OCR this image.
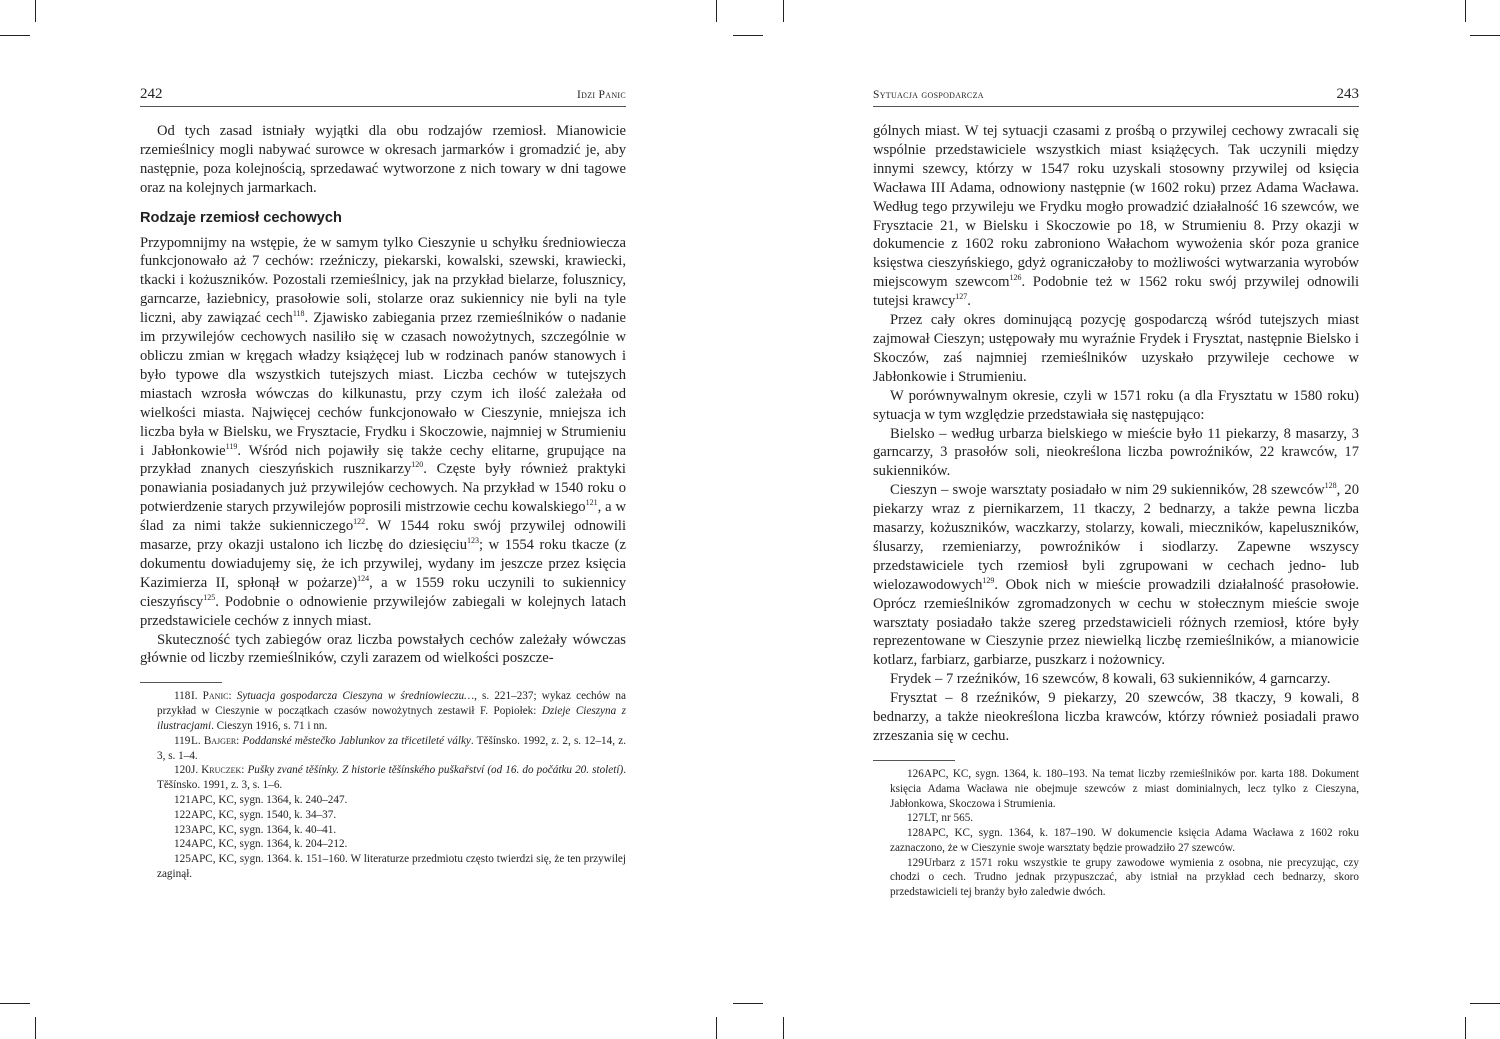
242	Idzi Panic

Od tych zasad istniały wyjątki dla obu rodzajów rzemiosł. Mianowicie rzemieślnicy mogli nabywać surowce w okresach jarmarków i gromadzić je, aby następnie, poza kolejnością, sprzedawać wytworzone z nich towary w dni tagowe oraz na kolejnych jarmarkach.

Rodzaje rzemiosł cechowych

Przypomnijmy na wstępie, że w samym tylko Cieszynie u schyłku średniowiecza funkcjonowało aż 7 cechów: rzeźniczy, piekarski, kowalski, szewski, krawiecki, tkacki i kożuszników. Pozostali rzemieślnicy, jak na przykład bielarze, folusznicy, garncarze, łaziebnicy, prasołowie soli, stolarze oraz sukiennicy nie byli na tyle liczni, aby zawiązać cech$^{118}$. Zjawisko zabiegania przez rzemieślników o nadanie im przywilejów cechowych nasiliło się w czasach nowożytnych, szczególnie w obliczu zmian w kręgach władzy książęcej lub w rodzinach panów stanowych i było typowe dla wszystkich tutejszych miast. Liczba cechów w tutejszych miastach wzrosła wówczas do kilkunastu, przy czym ich ilość zależała od wielkości miasta. Najwięcej cechów funkcjonowało w Cieszynie, mniejsza ich liczba była w Bielsku, we Frysztacie, Frydku i Skoczowie, najmniej w Strumieniu i Jabłonkowie$^{119}$. Wśród nich pojawiły się także cechy elitarne, grupujące na przykład znanych cieszyńskich rusznikarzy$^{120}$. Częste były również praktyki ponawiania posiadanych już przywilejów cechowych. Na przykład w 1540 roku o potwierdzenie starych przywilejów poprosili mistrzowie cechu kowalskiego$^{121}$, a w ślad za nimi także sukienniczego$^{122}$. W 1544 roku swój przywilej odnowili masarze, przy okazji ustalono ich liczbę do dziesięciu$^{123}$; w 1554 roku tkacze (z dokumentu dowiadujemy się, że ich przywilej, wydany im jeszcze przez księcia Kazimierza II, spłonął w pożarze)$^{124}$, a w 1559 roku uczynili to sukiennicy cieszyńscy$^{125}$. Podobnie o odnowienie przywilejów zabiegali w kolejnych latach przedstawiciele cechów z innych miast.

Skuteczność tych zabiegów oraz liczba powstałych cechów zależały wówczas głównie od liczby rzemieślników, czyli zarazem od wielkości poszcze-

118I. Panic: Sytuacja gospodarcza Cieszyna w średniowieczu…, s. 221–237; wykaz cechów na przykład w Cieszynie w początkach czasów nowożytnych zestawił F. Popiołek: Dzieje Cieszyna z ilustracjami. Cieszyn 1916, s. 71 i nn.

119L. Bajger: Poddanské městečko Jablunkov za třicetileté války. Těšínsko. 1992, z. 2, s. 12–14, z. 3, s. 1–4.

120J. Kruczek: Pušky zvané těšínky. Z historie těšínského puškařství (od 16. do počátku 20. století). Těšínsko. 1991, z. 3, s. 1–6.

121APC, KC, sygn. 1364, k. 240–247.

122APC, KC, sygn. 1540, k. 34–37.

123APC, KC, sygn. 1364, k. 40–41.

124APC, KC, sygn. 1364, k. 204–212.

125APC, KC, sygn. 1364. k. 151–160. W literaturze przedmiotu często twierdzi się, że ten przywilej zaginął.

Sytuacja gospodarcza	243

gólnych miast. W tej sytuacji czasami z prośbą o przywilej cechowy zwracali się wspólnie przedstawiciele wszystkich miast książęcych. Tak uczynili między innymi szewcy, którzy w 1547 roku uzyskali stosowny przywilej od księcia Wacława III Adama, odnowiony następnie (w 1602 roku) przez Adama Wacława. Według tego przywileju we Frydku mogło prowadzić działalność 16 szewców, we Frysztacie 21, w Bielsku i Skoczowie po 18, w Strumieniu 8. Przy okazji w dokumencie z 1602 roku zabroniono Wałachom wywożenia skór poza granice księstwa cieszyńskiego, gdyż ograniczałoby to możliwości wytwarzania wyrobów miejscowym szewcom$^{126}$. Podobnie też w 1562 roku swój przywilej odnowili tutejsi krawcy$^{127}$.

Przez cały okres dominującą pozycję gospodarczą wśród tutejszych miast zajmował Cieszyn; ustępowały mu wyraźnie Frydek i Frysztat, następnie Bielsko i Skoczów, zaś najmniej rzemieślników uzyskało przywileje cechowe w Jabłonkowie i Strumieniu.

W porównywalnym okresie, czyli w 1571 roku (a dla Frysztatu w 1580 roku) sytuacja w tym względzie przedstawiała się następująco:

Bielsko – według urbarza bielskiego w mieście było 11 piekarzy, 8 masarzy, 3 garncarzy, 3 prasołów soli, nieokreślona liczba powroźników, 22 krawców, 17 sukienników.

Cieszyn – swoje warsztaty posiadało w nim 29 sukienników, 28 szewców$^{128}$, 20 piekarzy wraz z piernikarzem, 11 tkaczy, 2 bednarzy, a także pewna liczba masarzy, kożuszników, waczkarzy, stolarzy, kowali, mieczników, kapeluszników, ślusarzy, rzemieniarzy, powroźników i siodlarzy. Zapewne wszyscy przedstawiciele tych rzemiosł byli zgrupowani w cechach jedno- lub wielozawodowych$^{129}$. Obok nich w mieście prowadzili działalność prasołowie. Oprócz rzemieślników zgromadzonych w cechu w stołecznym mieście swoje warsztaty posiadało także szereg przedstawicieli różnych rzemiosł, które były reprezentowane w Cieszynie przez niewielką liczbę rzemieślników, a mianowicie kotlarz, farbiarz, garbiarze, puszkarz i nożownicy.

Frydek – 7 rzeźników, 16 szewców, 8 kowali, 63 sukienników, 4 garncarzy.

Frysztat – 8 rzeźników, 9 piekarzy, 20 szewców, 38 tkaczy, 9 kowali, 8 bednarzy, a także nieokreślona liczba krawców, którzy również posiadali prawo zrzeszania się w cechu.

126APC, KC, sygn. 1364, k. 180–193. Na temat liczby rzemieślników por. karta 188. Dokument księcia Adama Wacława nie obejmuje szewców z miast dominialnych, lecz tylko z Cieszyna, Jabłonkowa, Skoczowa i Strumienia.

127LT, nr 565.

128APC, KC, sygn. 1364, k. 187–190. W dokumencie księcia Adama Wacława z 1602 roku zaznaczono, że w Cieszynie swoje warsztaty będzie prowadziło 27 szewców.

129Urbarz z 1571 roku wszystkie te grupy zawodowe wymienia z osobna, nie precyzując, czy chodzi o cech. Trudno jednak przypuszczać, aby istniał na przykład cech bednarzy, skoro przedstawicieli tej branży było zaledwie dwóch.
